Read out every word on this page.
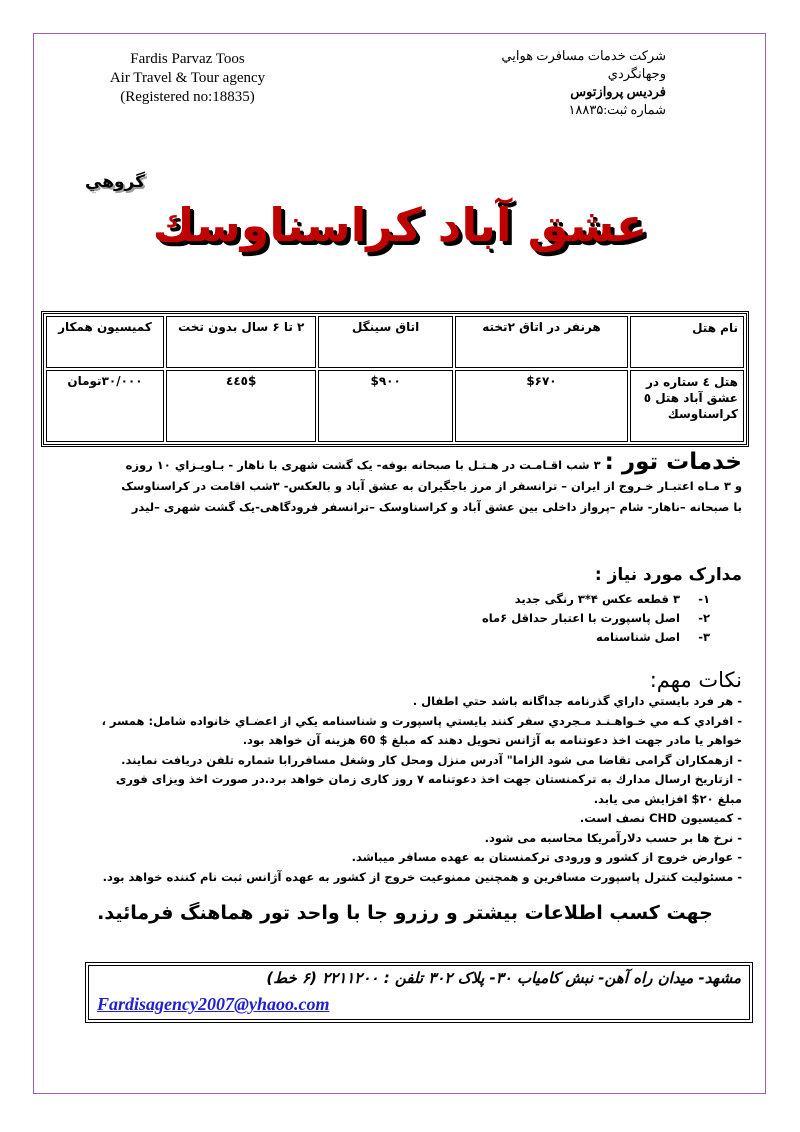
Fardis Parvaz Toos
Air Travel & Tour agency
(Registered no:18835)
شركت خدمات مسافرت هوايي وجهانگردي
فرديس پروازتوس
شماره ثبت:۱۸۸۳۵
گروهي
عشق آباد كراسناوسك
نام هتل	هرنفر در اتاق ۲تخته	اتاق سینگل	۲ تا ۶ سال بدون تخت	كميسيون همكار
هتل ٤ ستاره در عشق آباد هتل ٥ كراسناوسك	$۶۷۰	$۹۰۰	$٤٤٥	۳۰/۰۰۰تومان
خدمات تور :۳ شب اقـامـت در هـتـل با صبحانه بوفه- يک گشت شهری با ناهار - بـاويـزاي ۱۰ روزه
و ۳ مـاه اعتبـار خـروج از ایران – ترانسفر از مرز باجگیران به عشق آباد و بالعکس- ۳شب اقامت در کراسناوسک
با صبحانه –ناهار- شام –پرواز داخلی بین عشق آباد و كراسناوسک –ترانسفر فرودگاهی-یک گشت شهری –لیدر
مدارک مورد نياز :
۱-
۳ قطعه عکس ۴*۳ رنگی جدید
۲-
اصل پاسپورت با اعتبار حداقل ۶ماه
۳-
اصل شناسنامه
نکات مهم:
- هر فرد بايستي داراي گذرنامه جداگانه باشد حتي اطفال .
- افرادي كـه مي خـواهـنـد مـجردي سفر كنند بايستي پاسپورت و شناسنامه يكي از اعضـاي خانواده شامل: همسر ،
خواهر يا مادر جهت اخذ دعوتنامه به آژانس تحويل دهند كه مبلغ $ 60 هزينه آن خواهد بود.
- ازهمكاران گرامی تقاضا می شود الزاما" آدرس منزل ومحل كار وشغل مسافررابا شماره تلفن دريافت نمايند.
- ازتاريخ ارسال مدارك به تركمنستان جهت اخذ دعوتنامه ۷ روز كاری زمان خواهد برد.در صورت اخذ ويزای فوری
مبلغ ۲۰$ افزايش می يابد.
- كميسيون CHD نصف است.
- نرخ ها بر حسب دلارآمريكا محاسبه می شود.
- عوارض خروج از كشور و ورودی تركمنستان به عهده مسافر ميباشد.
- مسئوليت كنترل پاسپورت مسافرين و همچنين ممنوعيت خروج از كشور به عهده آژانس ثبت نام كننده خواهد بود.
جهت كسب اطلاعات بيشتر و رزرو جا با واحد تور هماهنگ فرمائيد.
مشهد- ميدان راه آهن- نبش كامياب ۳۰- پلاک ۳۰۲ تلفن : ۲۲۱۱۲۰۰ (۶ خط)
Fardisagency2007@yhaoo.com
